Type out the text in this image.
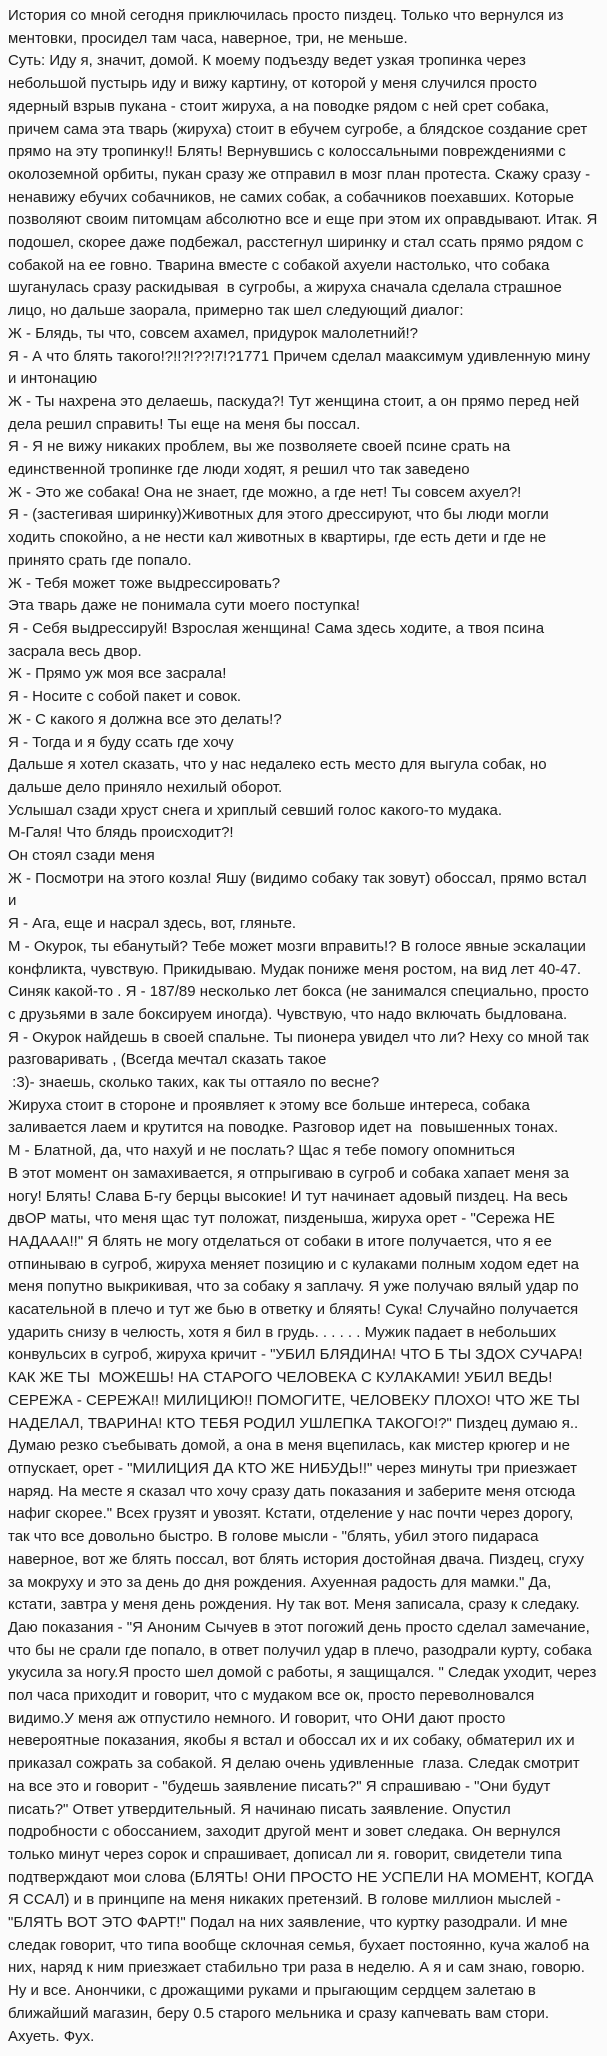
История со мной сегодня приключилась просто пиздец. Только что вернулся из ментовки, просидел там часа, наверное, три, не меньше.

Суть: Иду я, значит, домой. К моему подъезду ведет узкая тропинка через небольшой пустырь иду и вижу картину, от которой у меня случился просто ядерный взрыв пукана - стоит жируха, а на поводке рядом с ней срет собака, причем сама эта тварь (жируха) стоит в ебучем сугробе, а блядское создание срет прямо на эту тропинку!! Блять! Вернувшись с колоссальными повреждениями с околоземной орбиты, пукан сразу же отправил в мозг план протеста. Скажу сразу - ненавижу ебучих собачников, не самих собак, а собачников поехавших. Которые позволяют своим питомцам абсолютно все и еще при этом их оправдывают. Итак. Я подошел, скорее даже подбежал, расстегнул ширинку и стал ссать прямо рядом с собакой на ее говно. Тварина вместе с собакой ахуели настолько, что собака шуганулась сразу раскидывая  в сугробы, а жируха сначала сделала страшное лицо, но дальше заорала, примерно так шел следующий диалог:

Ж - Блядь, ты что, совсем ахамел, придурок малолетний!?

Я - А что блять такого!?!!?!??!7!?1771 Причем сделал мааксимум удивленную мину и интонацию

Ж - Ты нахрена это делаешь, паскуда?! Тут женщина стоит, а он прямо перед ней дела решил справить! Ты еще на меня бы поссал.

Я - Я не вижу никаких проблем, вы же позволяете своей псине срать на единственной тропинке где люди ходят, я решил что так заведено

Ж - Это же собака! Она не знает, где можно, а где нет! Ты совсем ахуел?!

Я - (застегивая ширинку)Животных для этого дрессируют, что бы люди могли ходить спокойно, а не нести кал животных в квартиры, где есть дети и где не принято срать где попало.

Ж - Тебя может тоже выдрессировать?

Эта тварь даже не понимала сути моего поступка!

Я - Себя выдрессируй! Взрослая женщина! Сама здесь ходите, а твоя псина засрала весь двор.

Ж - Прямо уж моя все засрала!

Я - Носите с собой пакет и совок.

Ж - С какого я должна все это делать!?

Я - Тогда и я буду ссать где хочу

Дальше я хотел сказать, что у нас недалеко есть место для выгула собак, но дальше дело приняло нехилый оборот.

Услышал сзади хруст снега и хриплый севший голос какого-то мудака.

М-Галя! Что блядь происходит?!

Он стоял сзади меня

Ж - Посмотри на этого козла! Яшу (видимо собаку так зовут) обоссал, прямо встал и

Я - Ага, еще и насрал здесь, вот, гляньте.

М - Окурок, ты ебанутый? Тебе может мозги вправить!? В голосе явные эскалации конфликта, чувствую. Прикидываю. Мудак пониже меня ростом, на вид лет 40-47. Синяк какой-то . Я - 187/89 несколько лет бокса (не занимался специально, просто с друзьями в зале боксируем иногда). Чувствую, что надо включать быдлована.

Я - Окурок найдешь в своей спальне. Ты пионера увидел что ли? Неху со мной так разговаривать , (Всегда мечтал сказать такое

:3)- знаешь, сколько таких, как ты оттаяло по весне?

Жируха стоит в стороне и проявляет к этому все больше интереса, собака заливается лаем и крутится на поводке. Разговор идет на  повышенных тонах.

М - Блатной, да, что нахуй и не послать? Щас я тебе помогу опомниться

В этот момент он замахивается, я отпрыгиваю в сугроб и собака хапает меня за ногу! Блять! Слава Б-гу берцы высокие! И тут начинает адовый пиздец. На весь двОР маты, что меня щас тут положат, пизденыша, жируха орет - "Сережа НЕ НАДААА!!" Я блять не могу отделаться от собаки в итоге получается, что я ее отпинываю в сугроб, жируха меняет позицию и с кулаками полным ходом едет на меня попутно выкрикивая, что за собаку я заплачу. Я уже получаю вялый удар по касательной в плечо и тут же бью в ответку и бляять! Сука! Случайно получается ударить снизу в челюсть, хотя я бил в грудь. . . . . . Мужик падает в небольших конвульсих в сугроб, жируха кричит - "УБИЛ БЛЯДИНА! ЧТО Б ТЫ ЗДОХ СУЧАРА! КАК ЖЕ ТЫ  МОЖЕШЬ! НА СТАРОГО ЧЕЛОВЕКА С КУЛАКАМИ! УБИЛ ВЕДЬ! СЕРЕЖА - СЕРЕЖА!! МИЛИЦИЮ!! ПОМОГИТЕ, ЧЕЛОВЕКУ ПЛОХО! ЧТО ЖЕ ТЫ НАДЕЛАЛ, ТВАРИНА! КТО ТЕБЯ РОДИЛ УШЛЕПКА ТАКОГО!?" Пиздец думаю я.. Думаю резко съебывать домой, а она в меня вцепилась, как мистер крюгер и не отпускает, орет - "МИЛИЦИЯ ДА КТО ЖЕ НИБУДЬ!!" через минуты три приезжает наряд. На месте я сказал что хочу сразу дать показания и заберите меня отсюда нафиг скорее." Всех грузят и увозят. Кстати, отделение у нас почти через дорогу, так что все довольно быстро. В голове мысли - "блять, убил этого пидараса наверное, вот же блять поссал, вот блять история достойная двача. Пиздец, сгуху за мокруху и это за день до дня рождения. Ахуенная радость для мамки." Да, кстати, завтра у меня день рождения. Ну так вот. Меня записала, сразу к следаку. Даю показания - "Я Аноним Сычуев в этот погожий день просто сделал замечание, что бы не срали где попало, в ответ получил удар в плечо, разодрали курту, собака укусила за ногу.Я просто шел домой с работы, я защищался. " Следак уходит, через пол часа приходит и говорит, что с мудаком все ок, просто переволновался видимо.У меня аж отпустило немного. И говорит, что ОНИ дают просто невероятные показания, якобы я встал и обоссал их и их собаку, обматерил их и приказал сожрать за собакой. Я делаю очень удивленные  глаза. Следак смотрит на все это и говорит - "будешь заявление писать?" Я спрашиваю - "Они будут писать?" Ответ утвердительный. Я начинаю писать заявление. Опустил подробности с обоссанием, заходит другой мент и зовет следака. Он вернулся только минут через сорок и спрашивает, дописал ли я. говорит, свидетели типа подтверждают мои слова (БЛЯТЬ! ОНИ ПРОСТО НЕ УСПЕЛИ НА МОМЕНТ, КОГДА Я ССАЛ) и в принципе на меня никаких претензий. В голове миллион мыслей - "БЛЯТЬ ВОТ ЭТО ФАРТ!" Подал на них заявление, что куртку разодрали. И мне следак говорит, что типа вообще склочная семья, бухает постоянно, куча жалоб на них, наряд к ним приезжает стабильно три раза в неделю. А я и сам знаю, говорю. Ну и все. Анончики, с дрожащими руками и прыгающим сердцем залетаю в ближайший магазин, беру 0.5 старого мельника и сразу капчевать вам стори. Ахуеть. Фух.
